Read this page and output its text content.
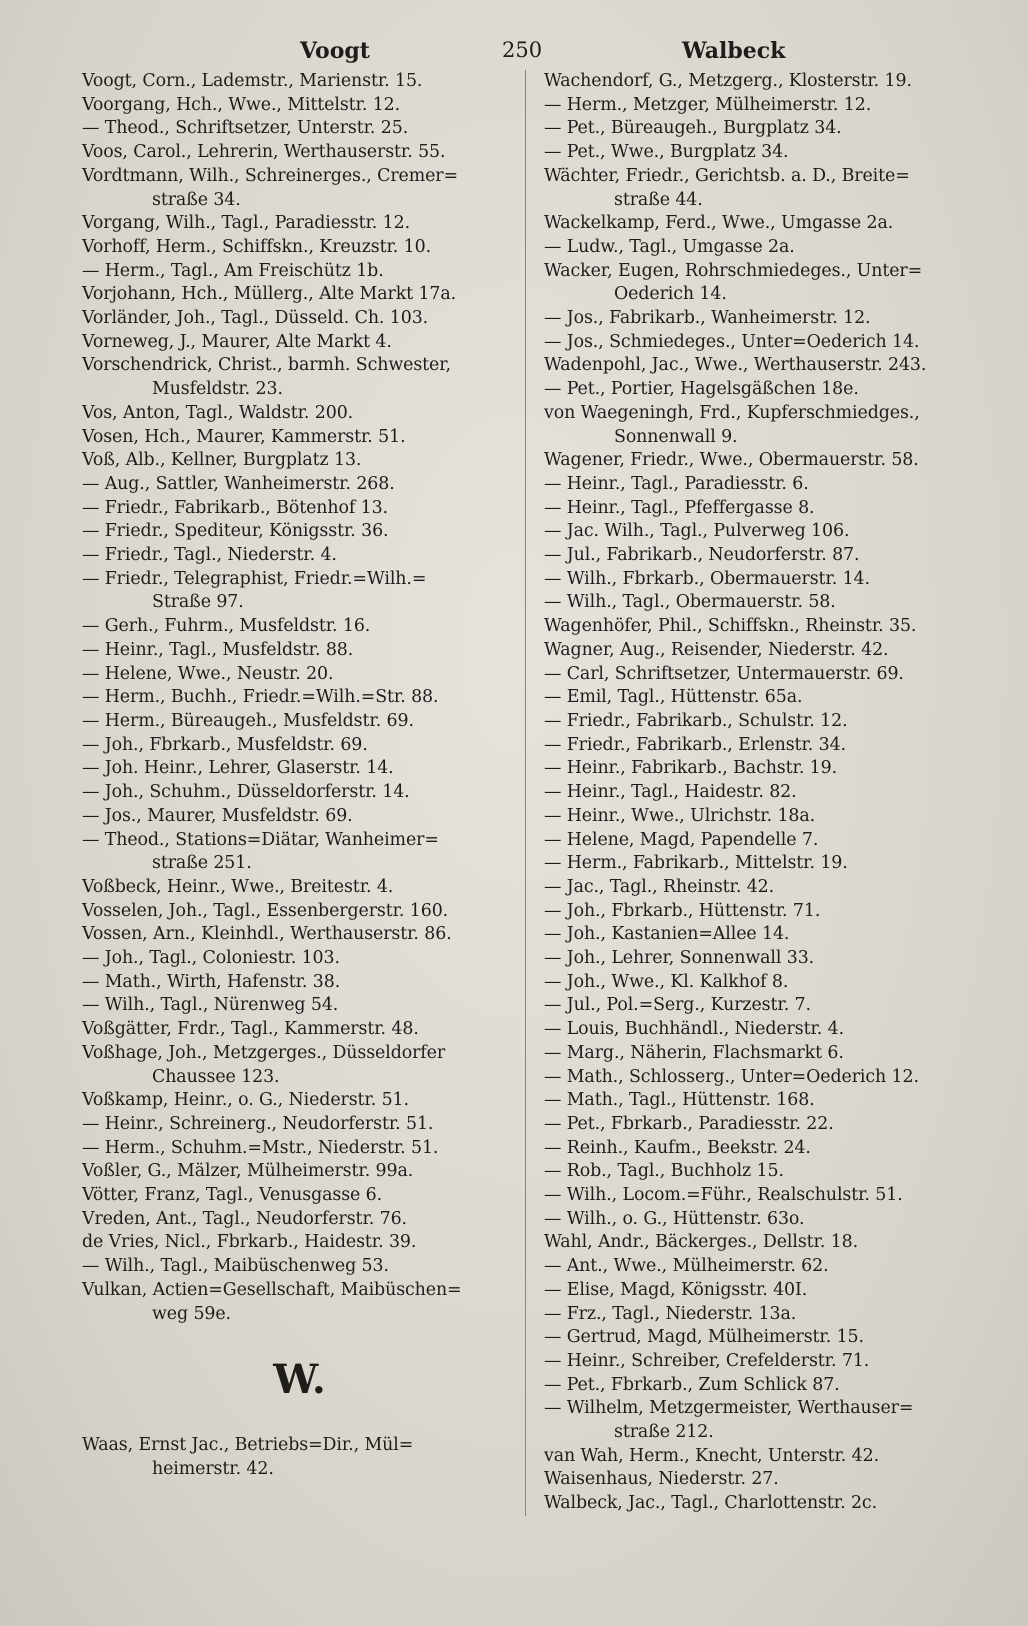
Voogt	250	Walbeck
Voogt, Corn., Lademstr., Marienstr. 15.
Voorgang, Hch., Wwe., Mittelstr. 12.
— Theod., Schriftsetzer, Unterstr. 25.
Voos, Carol., Lehrerin, Werthauserstr. 55.
Vordtmann, Wilh., Schreinerges., Cremer=
straße 34.
Vorgang, Wilh., Tagl., Paradiesstr. 12.
Vorhoff, Herm., Schiffskn., Kreuzstr. 10.
— Herm., Tagl., Am Freischütz 1b.
Vorjohann, Hch., Müllerg., Alte Markt 17a.
Vorländer, Joh., Tagl., Düsseld. Ch. 103.
Vorneweg, J., Maurer, Alte Markt 4.
Vorschendrick, Christ., barmh. Schwester,
Musfeldstr. 23.
Vos, Anton, Tagl., Waldstr. 200.
Vosen, Hch., Maurer, Kammerstr. 51.
Voß, Alb., Kellner, Burgplatz 13.
— Aug., Sattler, Wanheimerstr. 268.
— Friedr., Fabrikarb., Bötenhof 13.
— Friedr., Spediteur, Königsstr. 36.
— Friedr., Tagl., Niederstr. 4.
— Friedr., Telegraphist, Friedr.=Wilh.=
Straße 97.
— Gerh., Fuhrm., Musfeldstr. 16.
— Heinr., Tagl., Musfeldstr. 88.
— Helene, Wwe., Neustr. 20.
— Herm., Buchh., Friedr.=Wilh.=Str. 88.
— Herm., Büreaugeh., Musfeldstr. 69.
— Joh., Fbrkarb., Musfeldstr. 69.
— Joh. Heinr., Lehrer, Glaserstr. 14.
— Joh., Schuhm., Düsseldorferstr. 14.
— Jos., Maurer, Musfeldstr. 69.
— Theod., Stations=Diätar, Wanheimer=
straße 251.
Voßbeck, Heinr., Wwe., Breitestr. 4.
Vosselen, Joh., Tagl., Essenbergerstr. 160.
Vossen, Arn., Kleinhdl., Werthauserstr. 86.
— Joh., Tagl., Coloniestr. 103.
— Math., Wirth, Hafenstr. 38.
— Wilh., Tagl., Nürenweg 54.
Voßgätter, Frdr., Tagl., Kammerstr. 48.
Voßhage, Joh., Metzgerges., Düsseldorfer
Chaussee 123.
Voßkamp, Heinr., o. G., Niederstr. 51.
— Heinr., Schreinerg., Neudorferstr. 51.
— Herm., Schuhm.=Mstr., Niederstr. 51.
Voßler, G., Mälzer, Mülheimerstr. 99a.
Vötter, Franz, Tagl., Venusgasse 6.
Vreden, Ant., Tagl., Neudorferstr. 76.
de Vries, Nicl., Fbrkarb., Haidestr. 39.
— Wilh., Tagl., Maibüschenweg 53.
Vulkan, Actien=Gesellschaft, Maibüschen=
weg 59e.
W.
Waas, Ernst Jac., Betriebs=Dir., Mül=
heimerstr. 42.
Wachendorf, G., Metzgerg., Klosterstr. 19.
— Herm., Metzger, Mülheimerstr. 12.
— Pet., Büreaugeh., Burgplatz 34.
— Pet., Wwe., Burgplatz 34.
Wächter, Friedr., Gerichtsb. a. D., Breite=
straße 44.
Wackelkamp, Ferd., Wwe., Umgasse 2a.
— Ludw., Tagl., Umgasse 2a.
Wacker, Eugen, Rohrschmiedeges., Unter=
Oederich 14.
— Jos., Fabrikarb., Wanheimerstr. 12.
— Jos., Schmiedeges., Unter=Oederich 14.
Wadenpohl, Jac., Wwe., Werthauserstr. 243.
— Pet., Portier, Hagelsgäßchen 18e.
von Waegeningh, Frd., Kupferschmiedges.,
Sonnenwall 9.
Wagener, Friedr., Wwe., Obermauerstr. 58.
— Heinr., Tagl., Paradiesstr. 6.
— Heinr., Tagl., Pfeffergasse 8.
— Jac. Wilh., Tagl., Pulverweg 106.
— Jul., Fabrikarb., Neudorferstr. 87.
— Wilh., Fbrkarb., Obermauerstr. 14.
— Wilh., Tagl., Obermauerstr. 58.
Wagenhöfer, Phil., Schiffskn., Rheinstr. 35.
Wagner, Aug., Reisender, Niederstr. 42.
— Carl, Schriftsetzer, Untermauerstr. 69.
— Emil, Tagl., Hüttenstr. 65a.
— Friedr., Fabrikarb., Schulstr. 12.
— Friedr., Fabrikarb., Erlenstr. 34.
— Heinr., Fabrikarb., Bachstr. 19.
— Heinr., Tagl., Haidestr. 82.
— Heinr., Wwe., Ulrichstr. 18a.
— Helene, Magd, Papendelle 7.
— Herm., Fabrikarb., Mittelstr. 19.
— Jac., Tagl., Rheinstr. 42.
— Joh., Fbrkarb., Hüttenstr. 71.
— Joh., Kastanien=Allee 14.
— Joh., Lehrer, Sonnenwall 33.
— Joh., Wwe., Kl. Kalkhof 8.
— Jul., Pol.=Serg., Kurzestr. 7.
— Louis, Buchhändl., Niederstr. 4.
— Marg., Näherin, Flachsmarkt 6.
— Math., Schlosserg., Unter=Oederich 12.
— Math., Tagl., Hüttenstr. 168.
— Pet., Fbrkarb., Paradiesstr. 22.
— Reinh., Kaufm., Beekstr. 24.
— Rob., Tagl., Buchholz 15.
— Wilh., Locom.=Führ., Realschulstr. 51.
— Wilh., o. G., Hüttenstr. 63o.
Wahl, Andr., Bäckerges., Dellstr. 18.
— Ant., Wwe., Mülheimerstr. 62.
— Elise, Magd, Königsstr. 40I.
— Frz., Tagl., Niederstr. 13a.
— Gertrud, Magd, Mülheimerstr. 15.
— Heinr., Schreiber, Crefelderstr. 71.
— Pet., Fbrkarb., Zum Schlick 87.
— Wilhelm, Metzgermeister, Werthauser=
straße 212.
van Wah, Herm., Knecht, Unterstr. 42.
Waisenhaus, Niederstr. 27.
Walbeck, Jac., Tagl., Charlottenstr. 2c.
